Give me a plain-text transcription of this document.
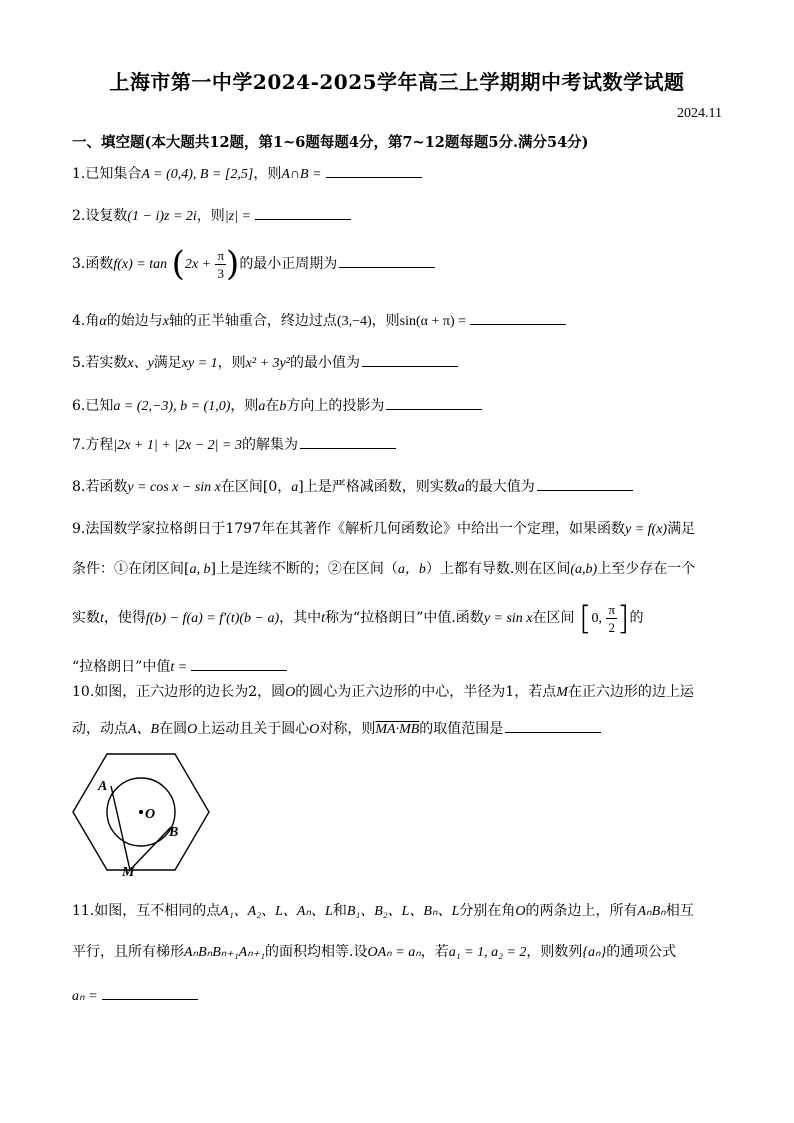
上海市第一中学2024-2025学年高三上学期期中考试数学试题
2024.11
一、填空题(本大题共12题，第1~6题每题4分，第7~12题每题5分.满分54分)
1.已知集合A = (0,4), B = [2,5]，则A∩B =
2.设复数(1 − i)z = 2i，则|z| =
3.函数$f(x) = \tan (2x + \frac{\pi}{3}$ )的最小正周期为
4.角α的始边与x轴的正半轴重合，终边过点(3,−4)，则sin(α + π) =
5.若实数x、y满足xy = 1，则x² + 3y²的最小值为
6.已知a = (2,−3), b = (1,0)，则a在b方向上的投影为
7.方程|2x + 1| + |2x − 2| = 3的解集为
8.若函数y = cos x − sin x在区间[0，a]上是严格减函数，则实数a的最大值为
9.法国数学家拉格朗日于1797年在其著作《解析几何函数论》中给出一个定理，如果函数y = f(x)满足
条件：①在闭区间[a, b]上是连续不断的；②在区间（a，b）上都有导数.则在区间(a,b)上至少存在一个
实数t，使得f(b) − f(a) = f′(t)(b − a)，其中t称为“拉格朗日”中值.函数y = sin x在区间 [0, $\frac{\pi}{2}$ ]的
“拉格朗日”中值t =
10.如图，正六边形的边长为2，圆O的圆心为正六边形的中心，半径为1，若点M在正六边形的边上运
动，动点A、B在圆O上运动且关于圆心O对称，则MA·MB的取值范围是
A
O
B
M
11.如图，互不相同的点A₁、A₂、L、Aₙ、L和B₁、B₂、L、Bₙ、L分别在角O的两条边上，所有AₙBₙ相互
平行，且所有梯形AₙBₙBₙ₊₁Aₙ₊₁的面积均相等.设OAₙ = aₙ，若a₁ = 1, a₂ = 2，则数列{aₙ}的通项公式
aₙ =
